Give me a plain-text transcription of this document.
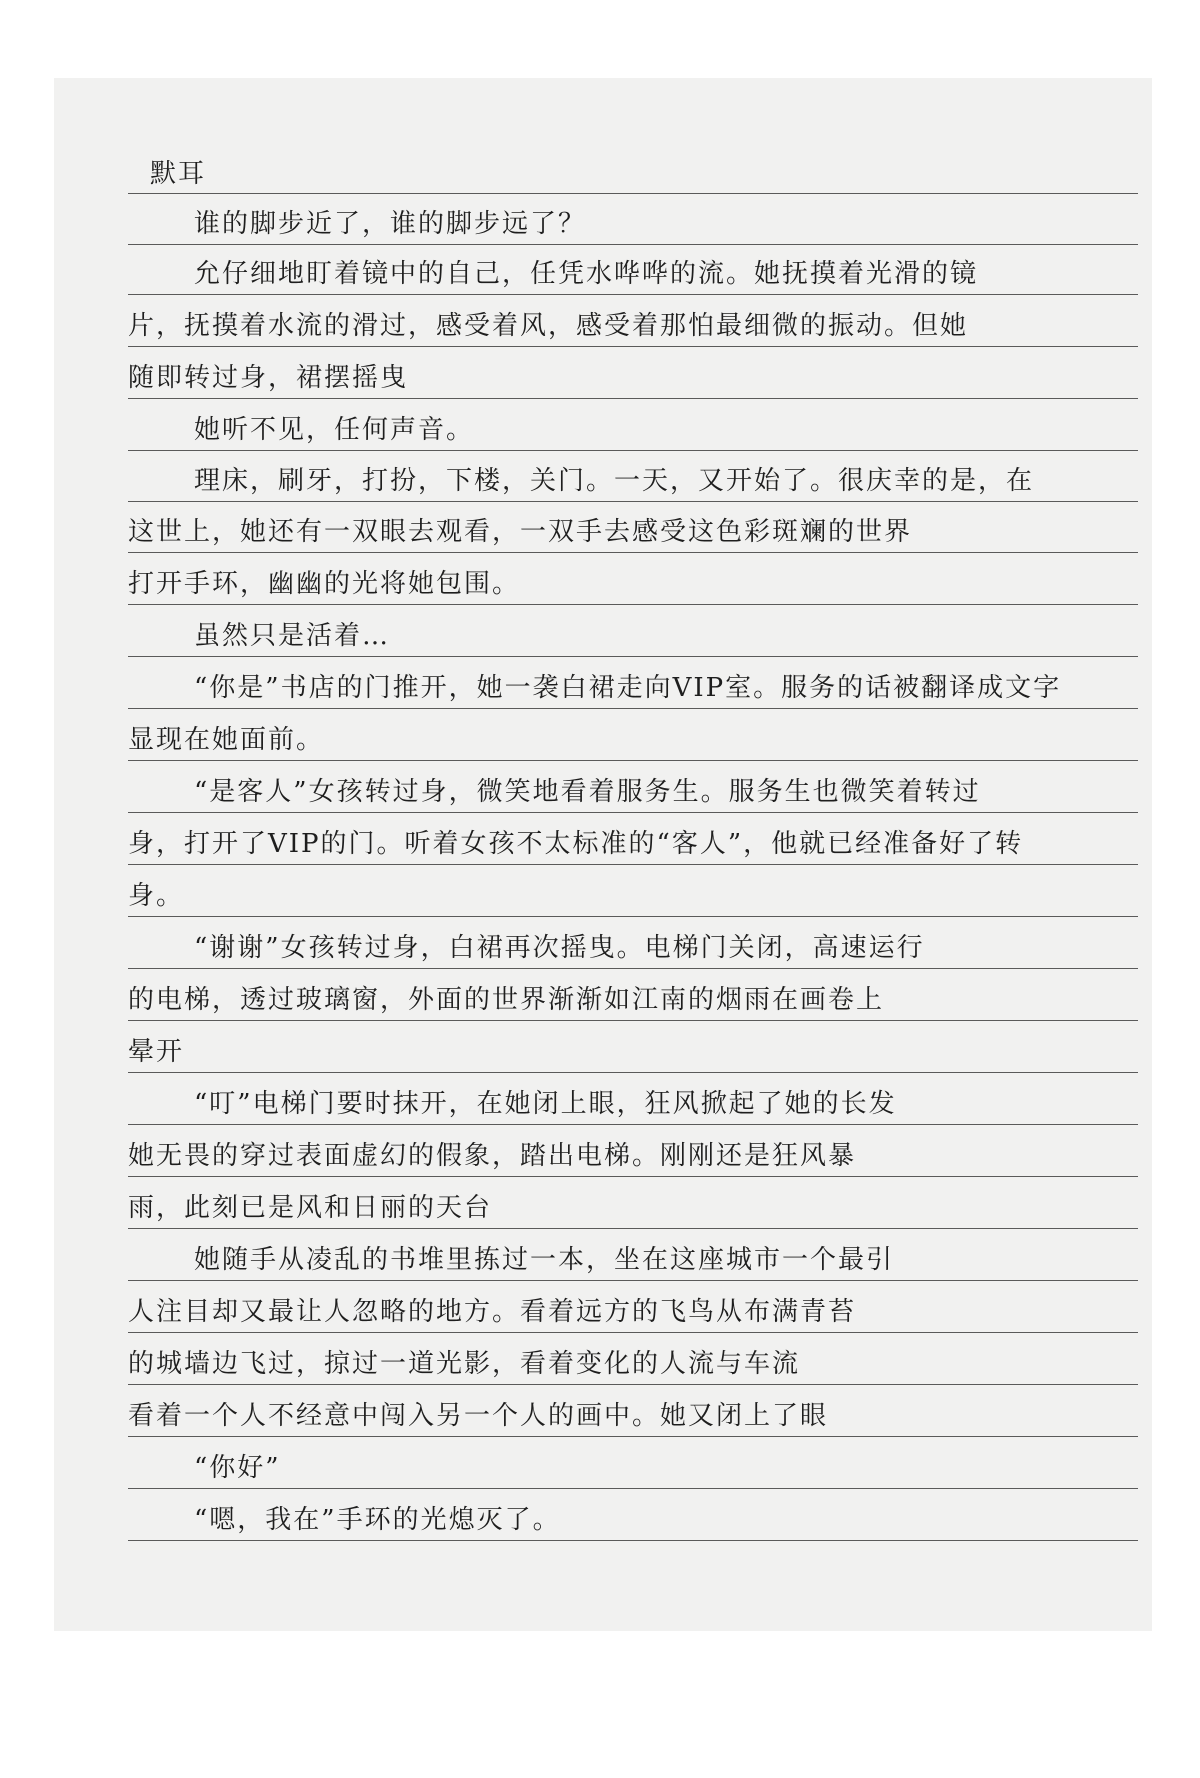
默耳
谁的脚步近了，谁的脚步远了？
允仔细地盯着镜中的自己，任凭水哗哗的流。她抚摸着光滑的镜
片，抚摸着水流的滑过，感受着风，感受着那怕最细微的振动。但她
随即转过身，裙摆摇曳
她听不见，任何声音。
理床，刷牙，打扮，下楼，关门。一天，又开始了。很庆幸的是，在
这世上，她还有一双眼去观看，一双手去感受这色彩斑斓的世界
打开手环，幽幽的光将她包围。
虽然只是活着…
“你是”书店的门推开，她一袭白裙走向VIP室。服务的话被翻译成文字
显现在她面前。
“是客人”女孩转过身，微笑地看着服务生。服务生也微笑着转过
身，打开了VIP的门。听着女孩不太标准的“客人”，他就已经准备好了转
身。
“谢谢”女孩转过身，白裙再次摇曳。电梯门关闭，高速运行
的电梯，透过玻璃窗，外面的世界渐渐如江南的烟雨在画卷上
晕开
“叮”电梯门要时抹开，在她闭上眼，狂风掀起了她的长发
她无畏的穿过表面虚幻的假象，踏出电梯。刚刚还是狂风暴
雨，此刻已是风和日丽的天台
她随手从凌乱的书堆里拣过一本，坐在这座城市一个最引
人注目却又最让人忽略的地方。看着远方的飞鸟从布满青苔
的城墙边飞过，掠过一道光影，看着变化的人流与车流
看着一个人不经意中闯入另一个人的画中。她又闭上了眼
“你好”
“嗯，我在”手环的光熄灭了。
